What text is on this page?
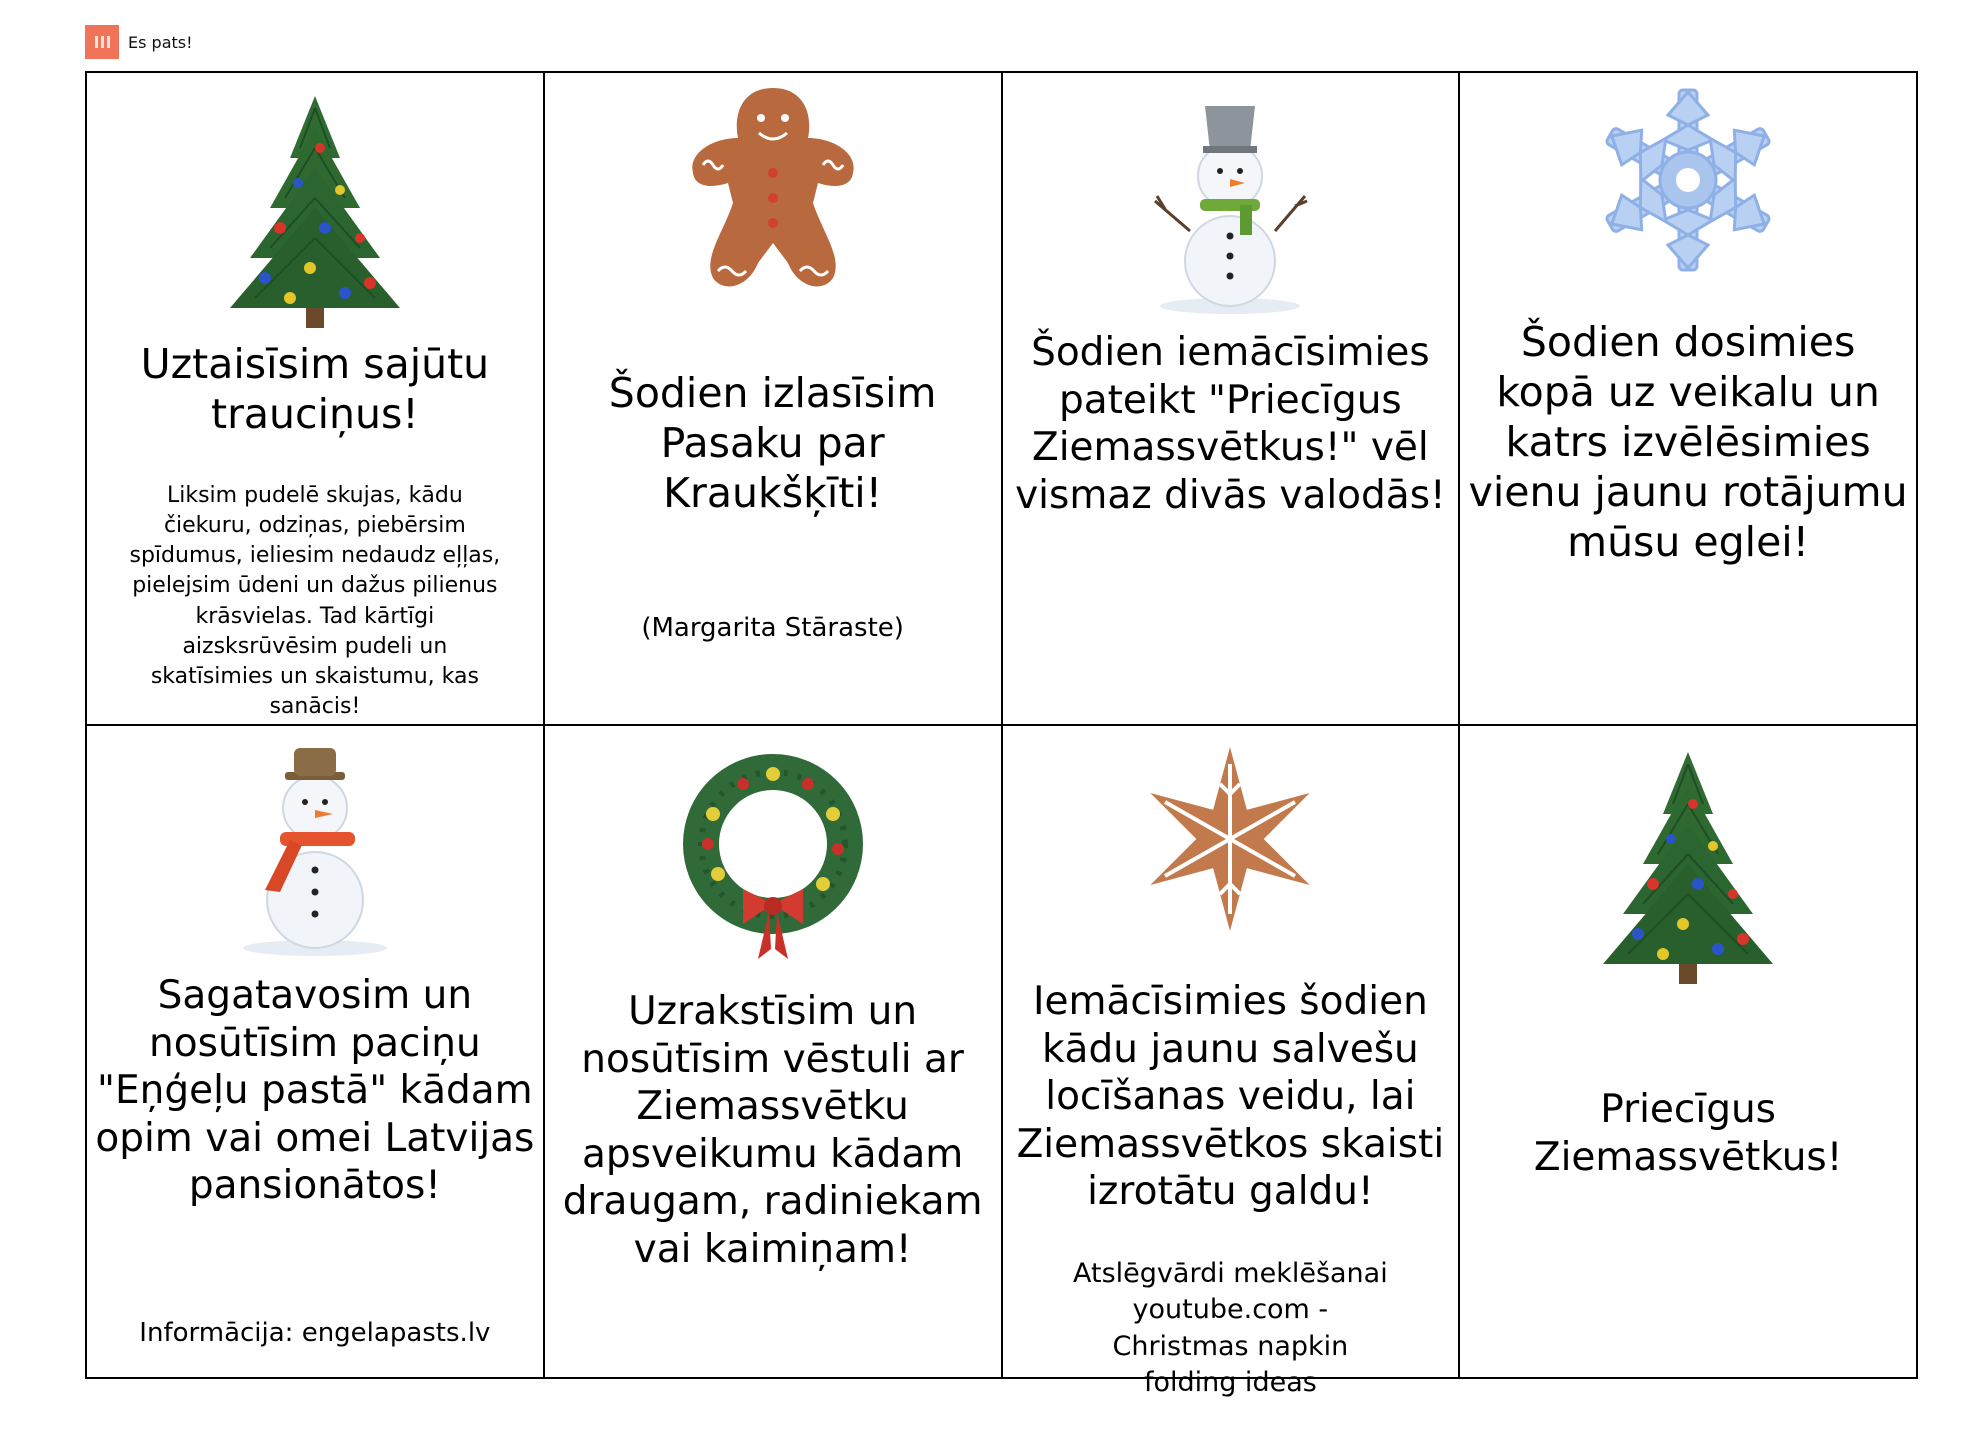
Es pats!
Uztaisīsim sajūtu trauciņus!
Liksim pudelē skujas, kādu čiekuru, odziņas, piebērsim spīdumus, ieliesim nedaudz eļļas, pielejsim ūdeni un dažus pilienus krāsvielas. Tad kārtīgi aizsksrūvēsim pudeli un skatīsimies un skaistumu, kas sanācis!
Šodien izlasīsim Pasaku par Kraukšķīti!
(Margarita Stāraste)
Šodien iemācīsimies pateikt "Priecīgus Ziemassvētkus!" vēl vismaz divās valodās!
Šodien dosimies kopā uz veikalu un katrs izvēlēsimies vienu jaunu rotājumu mūsu eglei!
Sagatavosim un nosūtīsim paciņu "Eņģeļu pastā" kādam opim vai omei Latvijas pansionātos!
Informācija: engelapasts.lv
Uzrakstīsim un nosūtīsim vēstuli ar Ziemassvētku apsveikumu kādam draugam, radiniekam vai kaimiņam!
Iemācīsimies šodien kādu jaunu salvešu locīšanas veidu, lai Ziemassvētkos skaisti izrotātu galdu!
Atslēgvārdi meklēšanai youtube.com - Christmas napkin folding ideas
Priecīgus Ziemassvētkus!
